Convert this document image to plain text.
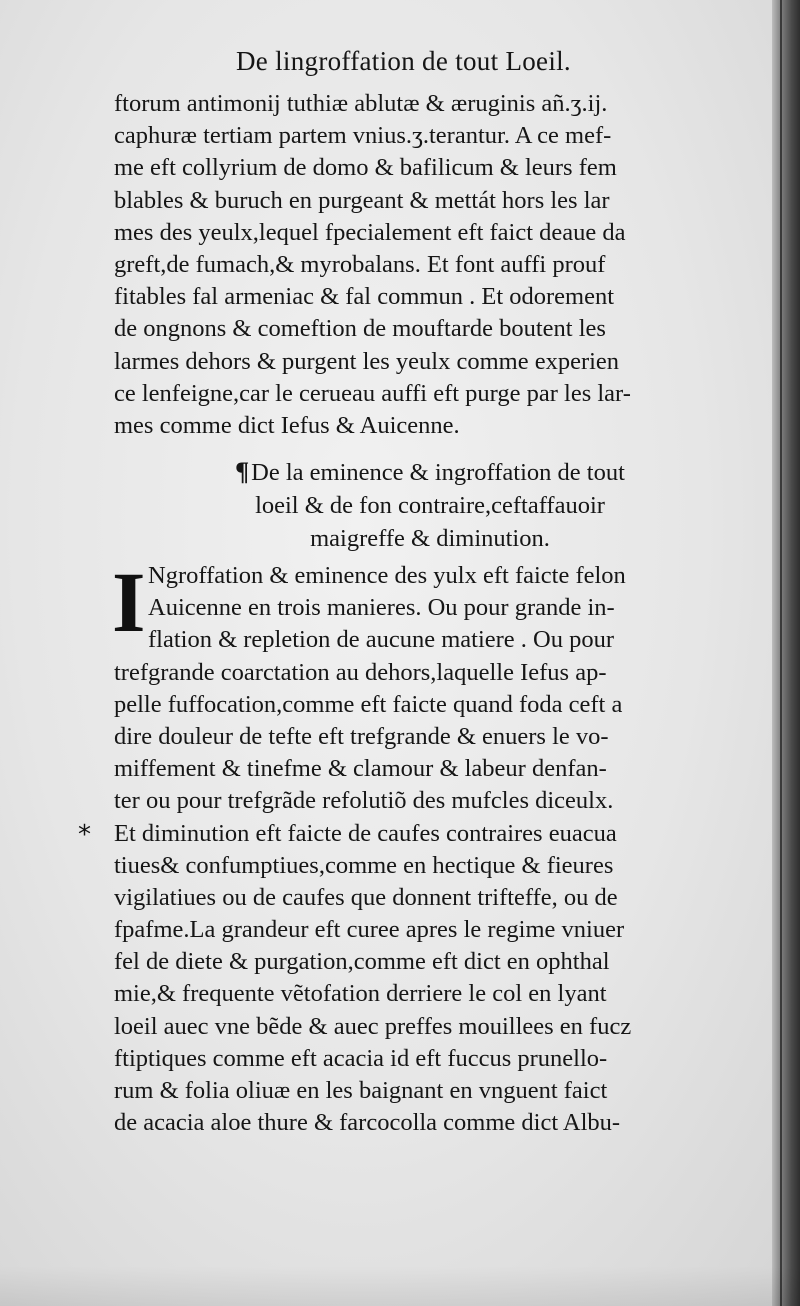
De lingroffation de tout Loeil.
ftorum antimonij tuthiæ ablutæ & æruginis añ.ʒ.ij.
caphuræ tertiam partem vnius.ʒ.terantur. A ce mef-
me eft collyrium de domo & bafilicum & leurs fem
blables & buruch en purgeant & mettát hors les lar
mes des yeulx,lequel fpecialement eft faict deaue da
greft,de fumach,& myrobalans. Et font auffi prouf
fitables fal armeniac & fal commun . Et odorement
de ongnons & comeftion de mouftarde boutent les
larmes dehors & purgent les yeulx comme experien
ce lenfeigne,car le cerueau auffi eft purge par les lar-
mes comme dict Iefus & Auicenne.
¶De la eminence & ingroffation de tout
loeil & de fon contraire,ceftaffauoir
maigreffe & diminution.
I
*
Ngroffation & eminence des yulx eft faicte felon
Auicenne en trois manieres. Ou pour grande in-
flation & repletion de aucune matiere . Ou pour
trefgrande coarctation au dehors,laquelle Iefus ap-
pelle fuffocation,comme eft faicte quand foda ceft a
dire douleur de tefte eft trefgrande & enuers le vo-
miffement & tinefme & clamour & labeur denfan-
ter ou pour trefgrãde refolutiõ des mufcles diceulx.
Et diminution eft faicte de caufes contraires euacua
tiues& confumptiues,comme en hectique & fieures
vigilatiues ou de caufes que donnent trifteffe, ou de
fpafme.La grandeur eft curee apres le regime vniuer
fel de diete & purgation,comme eft dict en ophthal
mie,& frequente vẽtofation derriere le col en lyant
loeil auec vne bẽde & auec preffes mouillees en fucz
ftiptiques comme eft acacia id eft fuccus prunello-
rum & folia oliuæ en les baignant en vnguent faict
de acacia aloe thure & farcocolla comme dict Albu-
